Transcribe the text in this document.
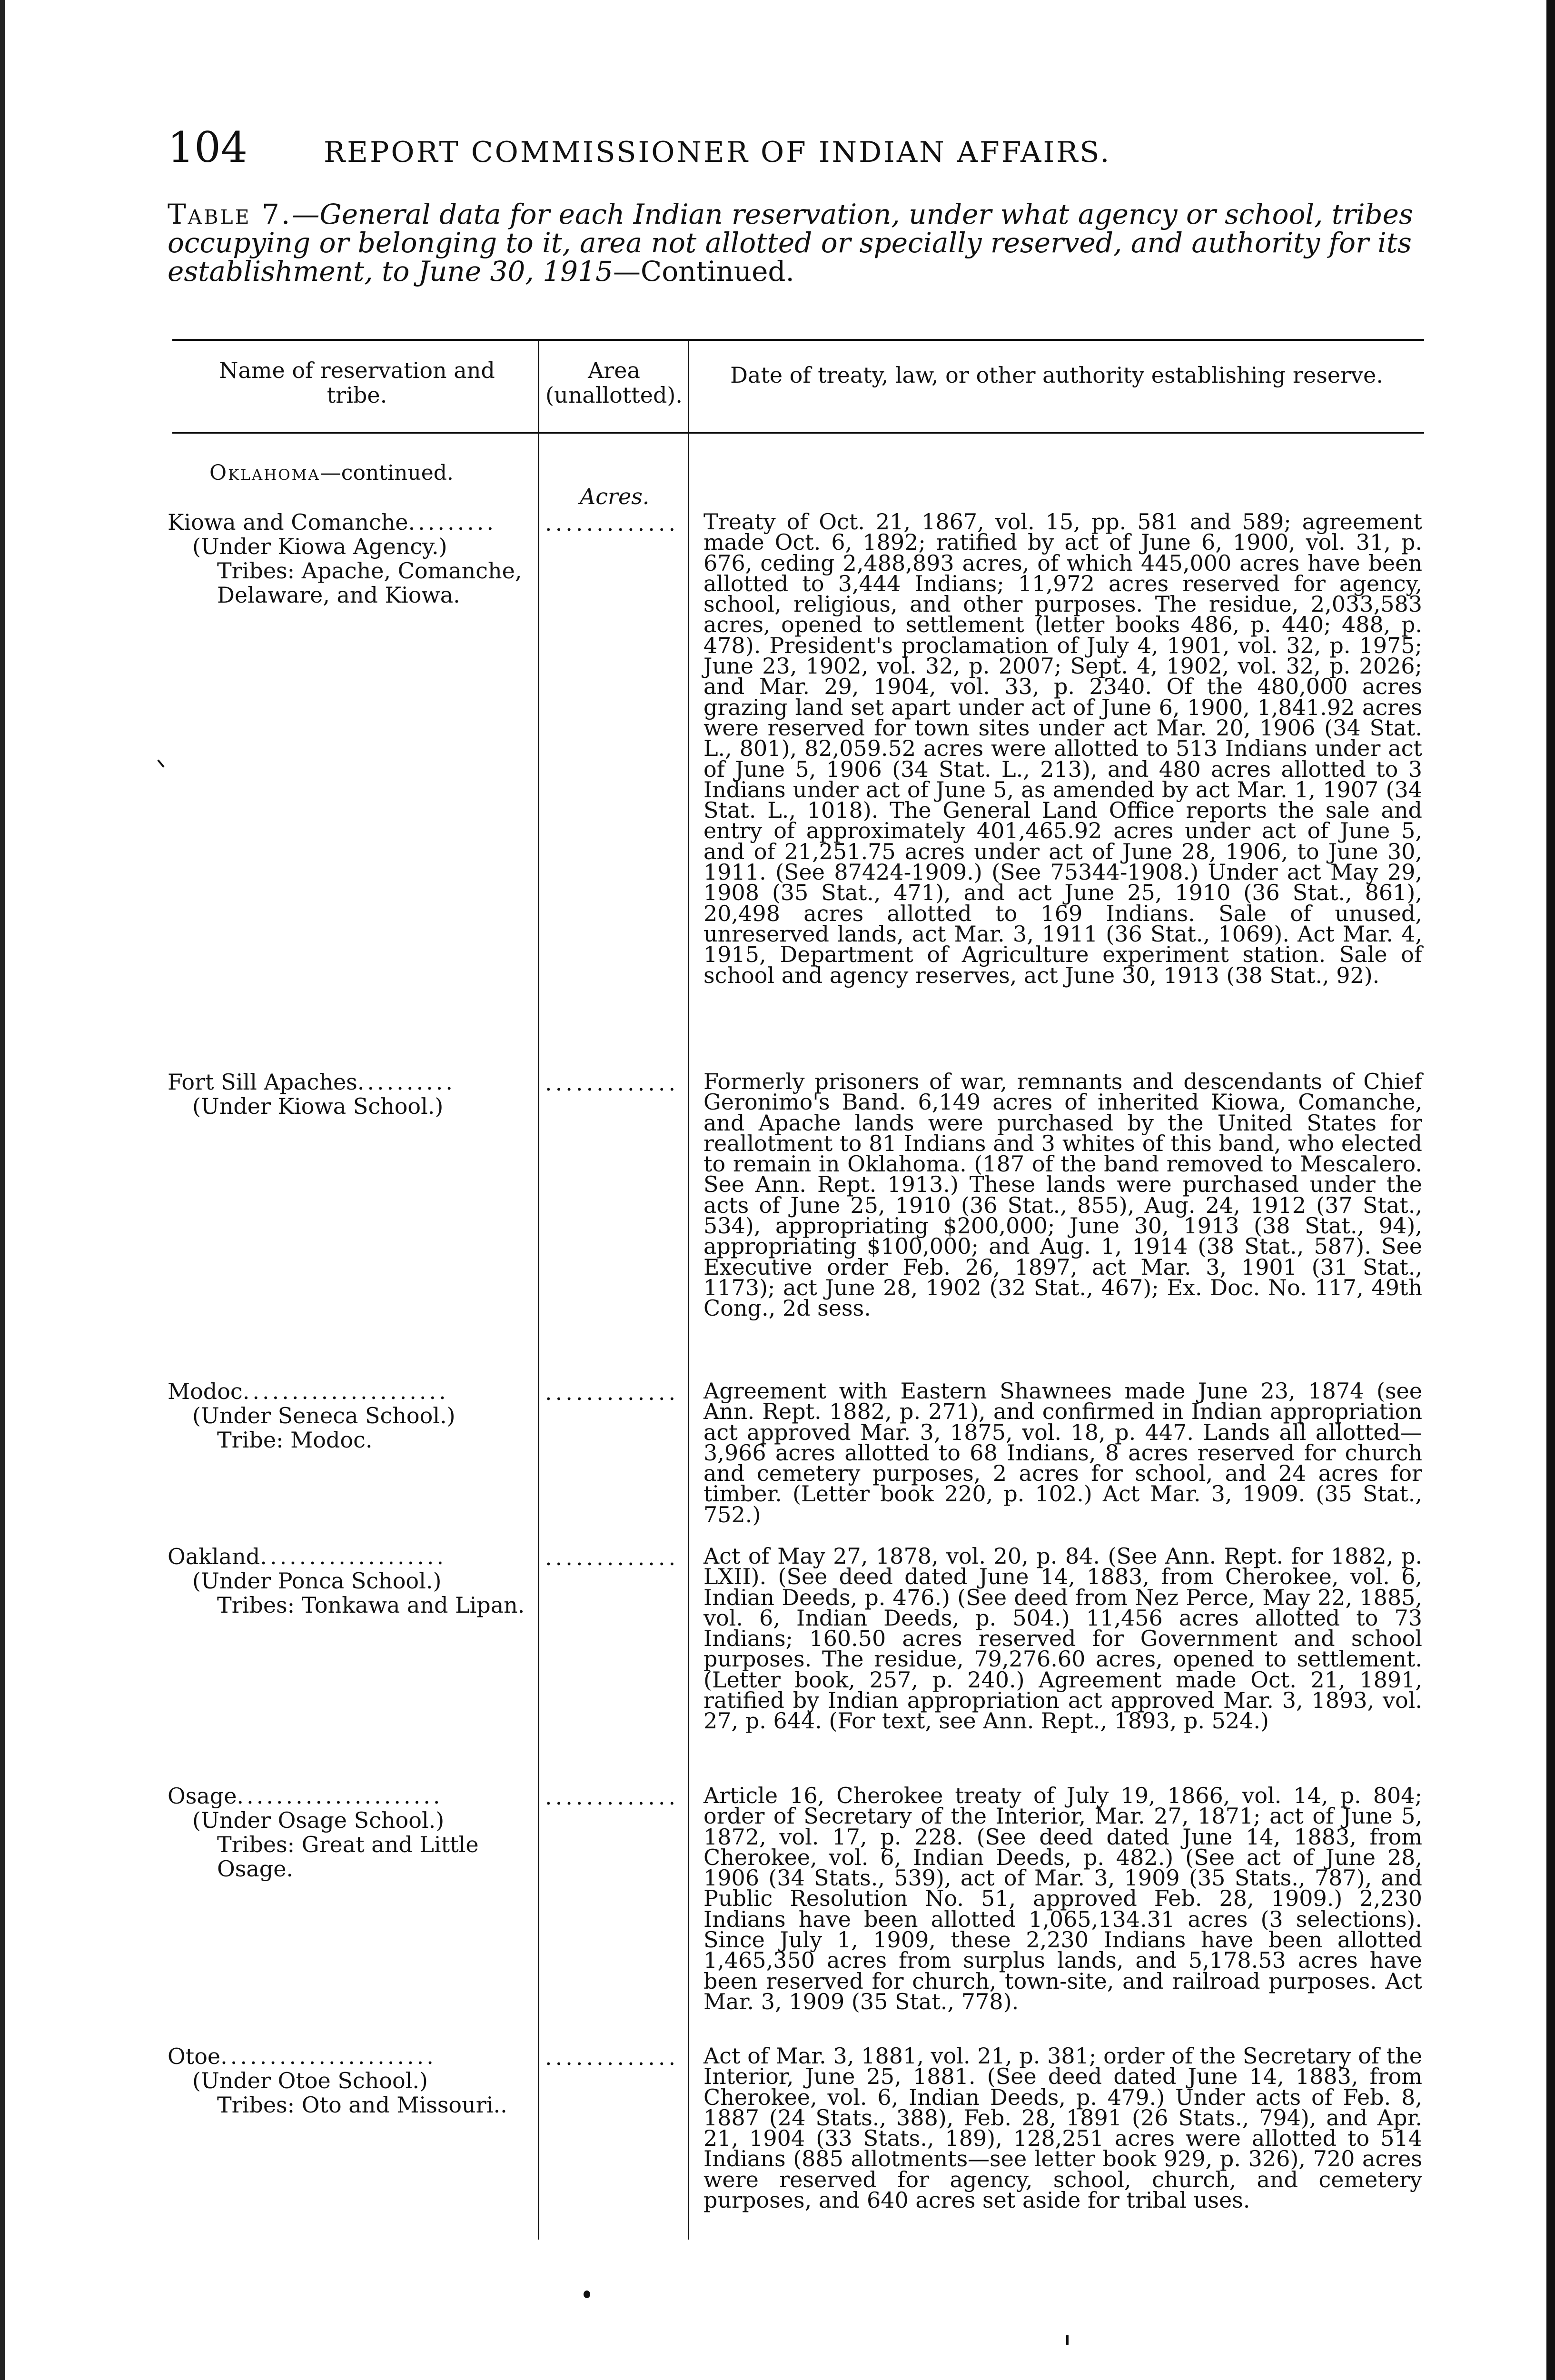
104	REPORT COMMISSIONER OF INDIAN AFFAIRS.
Table 7.—General data for each Indian reservation, under what agency or school, tribes occupying or belonging to it, area not allotted or specially reserved, and authority for its establishment, to June 30, 1915—Continued.
Name of reservation and tribe.
Area (unallotted).
Date of treaty, law, or other authority establishing reserve.
Oklahoma—continued.
Acres.
Kiowa and Comanche.........
(Under Kiowa Agency.)
Tribes: Apache, Comanche, Delaware, and Kiowa.
............. Treaty of Oct. 21, 1867, vol. 15, pp. 581 and 589; agreement made Oct. 6, 1892; ratified by act of June 6, 1900, vol. 31, p. 676, ceding 2,488,893 acres, of which 445,000 acres have been allotted to 3,444 Indians; 11,972 acres reserved for agency, school, religious, and other purposes. The residue, 2,033,583 acres, opened to settlement (letter books 486, p. 440; 488, p. 478). President's proclamation of July 4, 1901, vol. 32, p. 1975; June 23, 1902, vol. 32, p. 2007; Sept. 4, 1902, vol. 32, p. 2026; and Mar. 29, 1904, vol. 33, p. 2340. Of the 480,000 acres grazing land set apart under act of June 6, 1900, 1,841.92 acres were reserved for town sites under act Mar. 20, 1906 (34 Stat. L., 801), 82,059.52 acres were allotted to 513 Indians under act of June 5, 1906 (34 Stat. L., 213), and 480 acres allotted to 3 Indians under act of June 5, as amended by act Mar. 1, 1907 (34 Stat. L., 1018). The General Land Office reports the sale and entry of approximately 401,465.92 acres under act of June 5, and of 21,251.75 acres under act of June 28, 1906, to June 30, 1911. (See 87424-1909.) (See 75344-1908.) Under act May 29, 1908 (35 Stat., 471), and act June 25, 1910 (36 Stat., 861), 20,498 acres allotted to 169 Indians. Sale of unused, unreserved lands, act Mar. 3, 1911 (36 Stat., 1069). Act Mar. 4, 1915, Department of Agriculture experiment station. Sale of school and agency reserves, act June 30, 1913 (38 Stat., 92).
Fort Sill Apaches..........
(Under Kiowa School.)
............. Formerly prisoners of war, remnants and descendants of Chief Geronimo's Band. 6,149 acres of inherited Kiowa, Comanche, and Apache lands were purchased by the United States for reallotment to 81 Indians and 3 whites of this band, who elected to remain in Oklahoma. (187 of the band removed to Mescalero. See Ann. Rept. 1913.) These lands were purchased under the acts of June 25, 1910 (36 Stat., 855), Aug. 24, 1912 (37 Stat., 534), appropriating $200,000; June 30, 1913 (38 Stat., 94), appropriating $100,000; and Aug. 1, 1914 (38 Stat., 587). See Executive order Feb. 26, 1897, act Mar. 3, 1901 (31 Stat., 1173); act June 28, 1902 (32 Stat., 467); Ex. Doc. No. 117, 49th Cong., 2d sess.
Modoc.....................
(Under Seneca School.)
Tribe: Modoc.
............. Agreement with Eastern Shawnees made June 23, 1874 (see Ann. Rept. 1882, p. 271), and confirmed in Indian appropriation act approved Mar. 3, 1875, vol. 18, p. 447. Lands all allotted—3,966 acres allotted to 68 Indians, 8 acres reserved for church and cemetery purposes, 2 acres for school, and 24 acres for timber. (Letter book 220, p. 102.) Act Mar. 3, 1909. (35 Stat., 752.)
Oakland...................
(Under Ponca School.)
Tribes: Tonkawa and Lipan.
............. Act of May 27, 1878, vol. 20, p. 84. (See Ann. Rept. for 1882, p. LXII). (See deed dated June 14, 1883, from Cherokee, vol. 6, Indian Deeds, p. 476.) (See deed from Nez Perce, May 22, 1885, vol. 6, Indian Deeds, p. 504.) 11,456 acres allotted to 73 Indians; 160.50 acres reserved for Government and school purposes. The residue, 79,276.60 acres, opened to settlement. (Letter book, 257, p. 240.) Agreement made Oct. 21, 1891, ratified by Indian appropriation act approved Mar. 3, 1893, vol. 27, p. 644. (For text, see Ann. Rept., 1893, p. 524.)
Osage.....................
(Under Osage School.)
Tribes: Great and Little Osage.
............. Article 16, Cherokee treaty of July 19, 1866, vol. 14, p. 804; order of Secretary of the Interior, Mar. 27, 1871; act of June 5, 1872, vol. 17, p. 228. (See deed dated June 14, 1883, from Cherokee, vol. 6, Indian Deeds, p. 482.) (See act of June 28, 1906 (34 Stats., 539), act of Mar. 3, 1909 (35 Stats., 787), and Public Resolution No. 51, approved Feb. 28, 1909.) 2,230 Indians have been allotted 1,065,134.31 acres (3 selections). Since July 1, 1909, these 2,230 Indians have been allotted 1,465,350 acres from surplus lands, and 5,178.53 acres have been reserved for church, town-site, and railroad purposes. Act Mar. 3, 1909 (35 Stat., 778).
Otoe......................
(Under Otoe School.)
Tribes: Oto and Missouri..
............. Act of Mar. 3, 1881, vol. 21, p. 381; order of the Secretary of the Interior, June 25, 1881. (See deed dated June 14, 1883, from Cherokee, vol. 6, Indian Deeds, p. 479.) Under acts of Feb. 8, 1887 (24 Stats., 388), Feb. 28, 1891 (26 Stats., 794), and Apr. 21, 1904 (33 Stats., 189), 128,251 acres were allotted to 514 Indians (885 allotments—see letter book 929, p. 326), 720 acres were reserved for agency, school, church, and cemetery purposes, and 640 acres set aside for tribal uses.
